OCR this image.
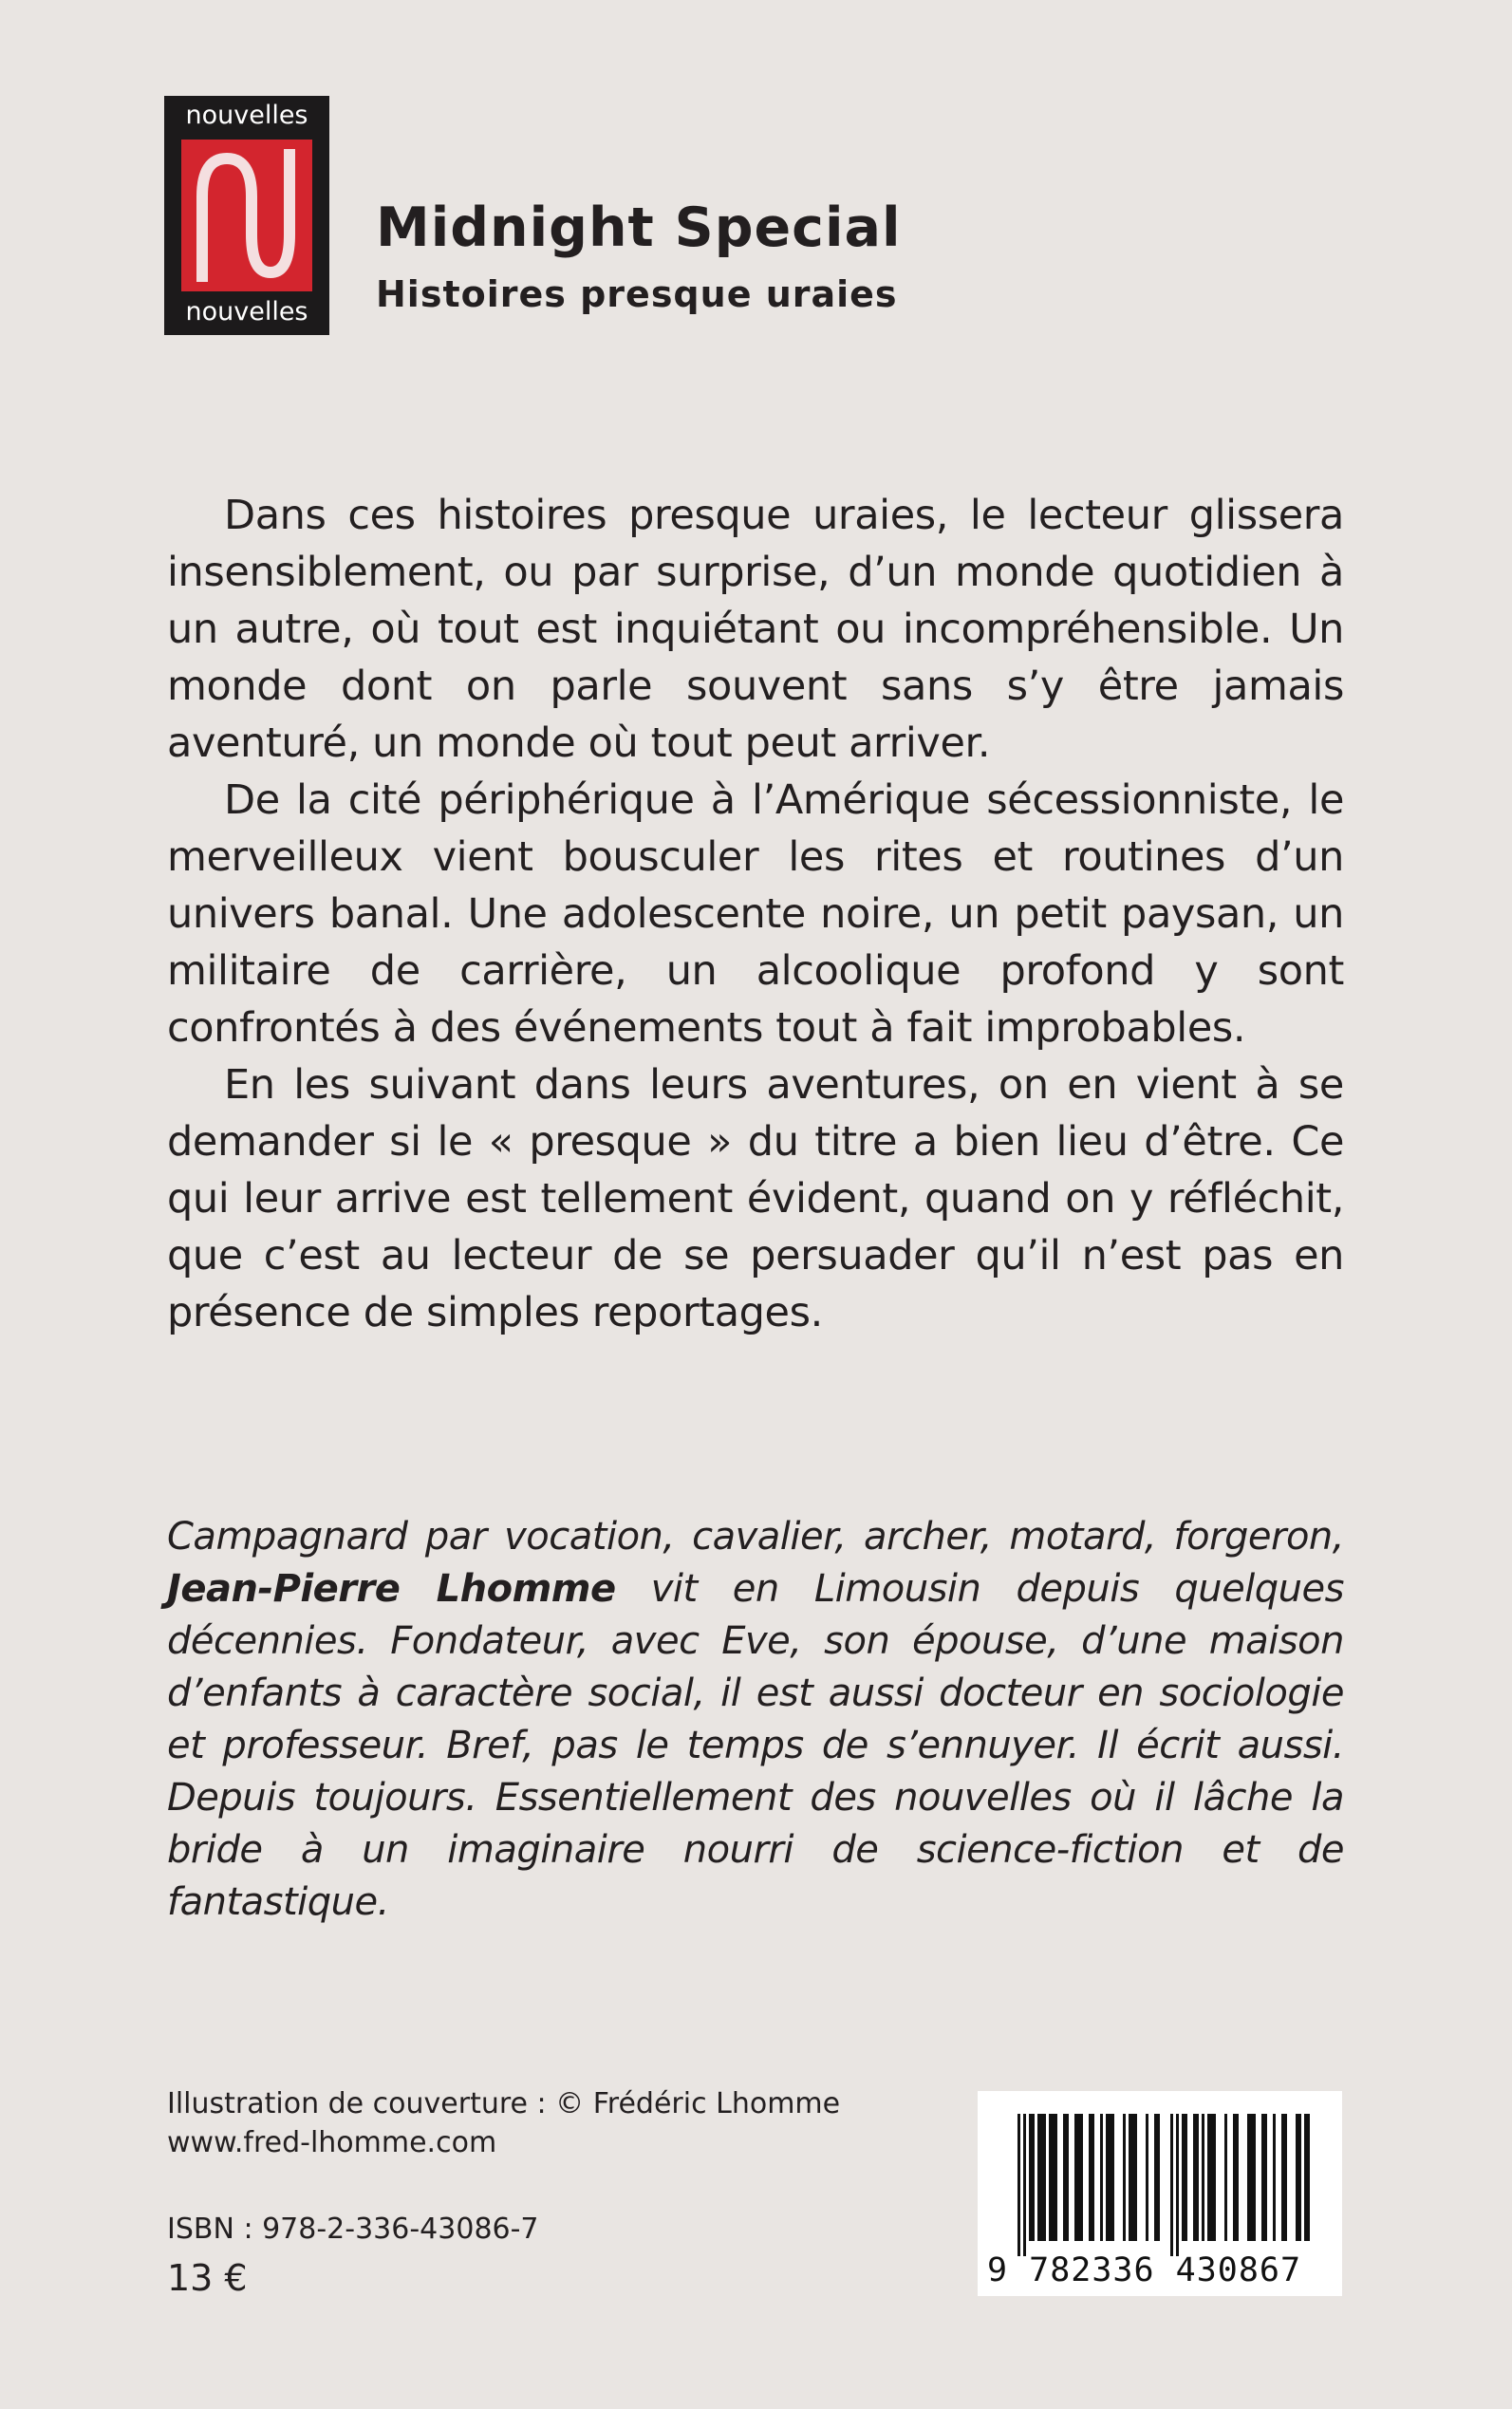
nouvelles
nouvelles
Midnight Special
Histoires presque uraies

Dans ces histoires presque uraies, le lecteur glissera insensiblement, ou par surprise, d’un monde quotidien à un autre, où tout est inquiétant ou incompréhensible. Un monde dont on parle souvent sans s’y être jamais aventuré, un monde où tout peut arriver.

De la cité périphérique à l’Amérique sécessionniste, le merveilleux vient bousculer les rites et routines d’un univers banal. Une adolescente noire, un petit paysan, un militaire de carrière, un alcoolique profond y sont confrontés à des événements tout à fait improbables.

En les suivant dans leurs aventures, on en vient à se demander si le « presque » du titre a bien lieu d’être. Ce qui leur arrive est tellement évident, quand on y réfléchit, que c’est au lecteur de se persuader qu’il n’est pas en présence de simples reportages.

Campagnard par vocation, cavalier, archer, motard, forgeron, Jean-Pierre Lhomme vit en Limousin depuis quelques décennies. Fondateur, avec Eve, son épouse, d’une maison d’enfants à caractère social, il est aussi docteur en sociologie et professeur. Bref, pas le temps de s’ennuyer. Il écrit aussi. Depuis toujours. Essentiellement des nouvelles où il lâche la bride à un imaginaire nourri de science-fiction et de fantastique.

Illustration de couverture : © Frédéric Lhomme
www.fred-lhomme.com
ISBN : 978-2-336-43086-7
13 €	9 782336 430867
